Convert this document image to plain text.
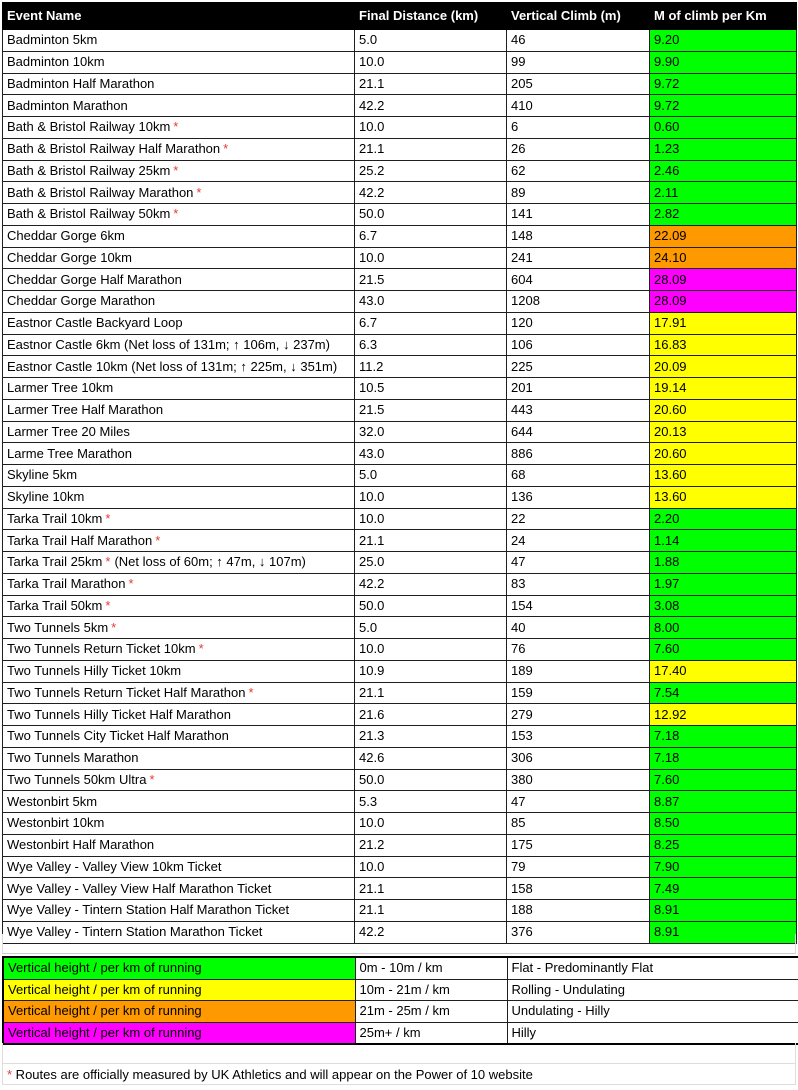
Event Name	Final Distance (km)	Vertical Climb (m)	M of climb per Km
Badminton 5km	5.0	46	9.20
Badminton 10km	10.0	99	9.90
Badminton Half Marathon	21.1	205	9.72
Badminton Marathon	42.2	410	9.72
Bath & Bristol Railway 10km *	10.0	6	0.60
Bath & Bristol Railway Half Marathon *	21.1	26	1.23
Bath & Bristol Railway 25km *	25.2	62	2.46
Bath & Bristol Railway Marathon *	42.2	89	2.11
Bath & Bristol Railway 50km *	50.0	141	2.82
Cheddar Gorge 6km	6.7	148	22.09
Cheddar Gorge 10km	10.0	241	24.10
Cheddar Gorge Half Marathon	21.5	604	28.09
Cheddar Gorge Marathon	43.0	1208	28.09
Eastnor Castle Backyard Loop	6.7	120	17.91
Eastnor Castle 6km (Net loss of 131m; ↑ 106m, ↓ 237m)	6.3	106	16.83
Eastnor Castle 10km (Net loss of 131m; ↑ 225m, ↓ 351m)	11.2	225	20.09
Larmer Tree 10km	10.5	201	19.14
Larmer Tree Half Marathon	21.5	443	20.60
Larmer Tree 20 Miles	32.0	644	20.13
Larme Tree Marathon	43.0	886	20.60
Skyline 5km	5.0	68	13.60
Skyline 10km	10.0	136	13.60
Tarka Trail 10km *	10.0	22	2.20
Tarka Trail Half Marathon *	21.1	24	1.14
Tarka Trail 25km * (Net loss of 60m; ↑ 47m, ↓ 107m)	25.0	47	1.88
Tarka Trail Marathon *	42.2	83	1.97
Tarka Trail 50km *	50.0	154	3.08
Two Tunnels 5km *	5.0	40	8.00
Two Tunnels Return Ticket 10km *	10.0	76	7.60
Two Tunnels Hilly Ticket 10km	10.9	189	17.40
Two Tunnels Return Ticket Half Marathon *	21.1	159	7.54
Two Tunnels Hilly Ticket Half Marathon	21.6	279	12.92
Two Tunnels City Ticket Half Marathon	21.3	153	7.18
Two Tunnels Marathon	42.6	306	7.18
Two Tunnels 50km Ultra *	50.0	380	7.60
Westonbirt 5km	5.3	47	8.87
Westonbirt 10km	10.0	85	8.50
Westonbirt Half Marathon	21.2	175	8.25
Wye Valley - Valley View 10km Ticket	10.0	79	7.90
Wye Valley - Valley View Half Marathon Ticket	21.1	158	7.49
Wye Valley - Tintern Station Half Marathon Ticket	21.1	188	8.91
Wye Valley - Tintern Station Marathon Ticket	42.2	376	8.91
Vertical height / per km of running	0m - 10m / km	Flat - Predominantly Flat
Vertical height / per km of running	10m - 21m / km	Rolling - Undulating
Vertical height / per km of running	21m - 25m / km	Undulating - Hilly
Vertical height / per km of running	25m+ / km	Hilly
* Routes are officially measured by UK Athletics and will appear on the Power of 10 website
